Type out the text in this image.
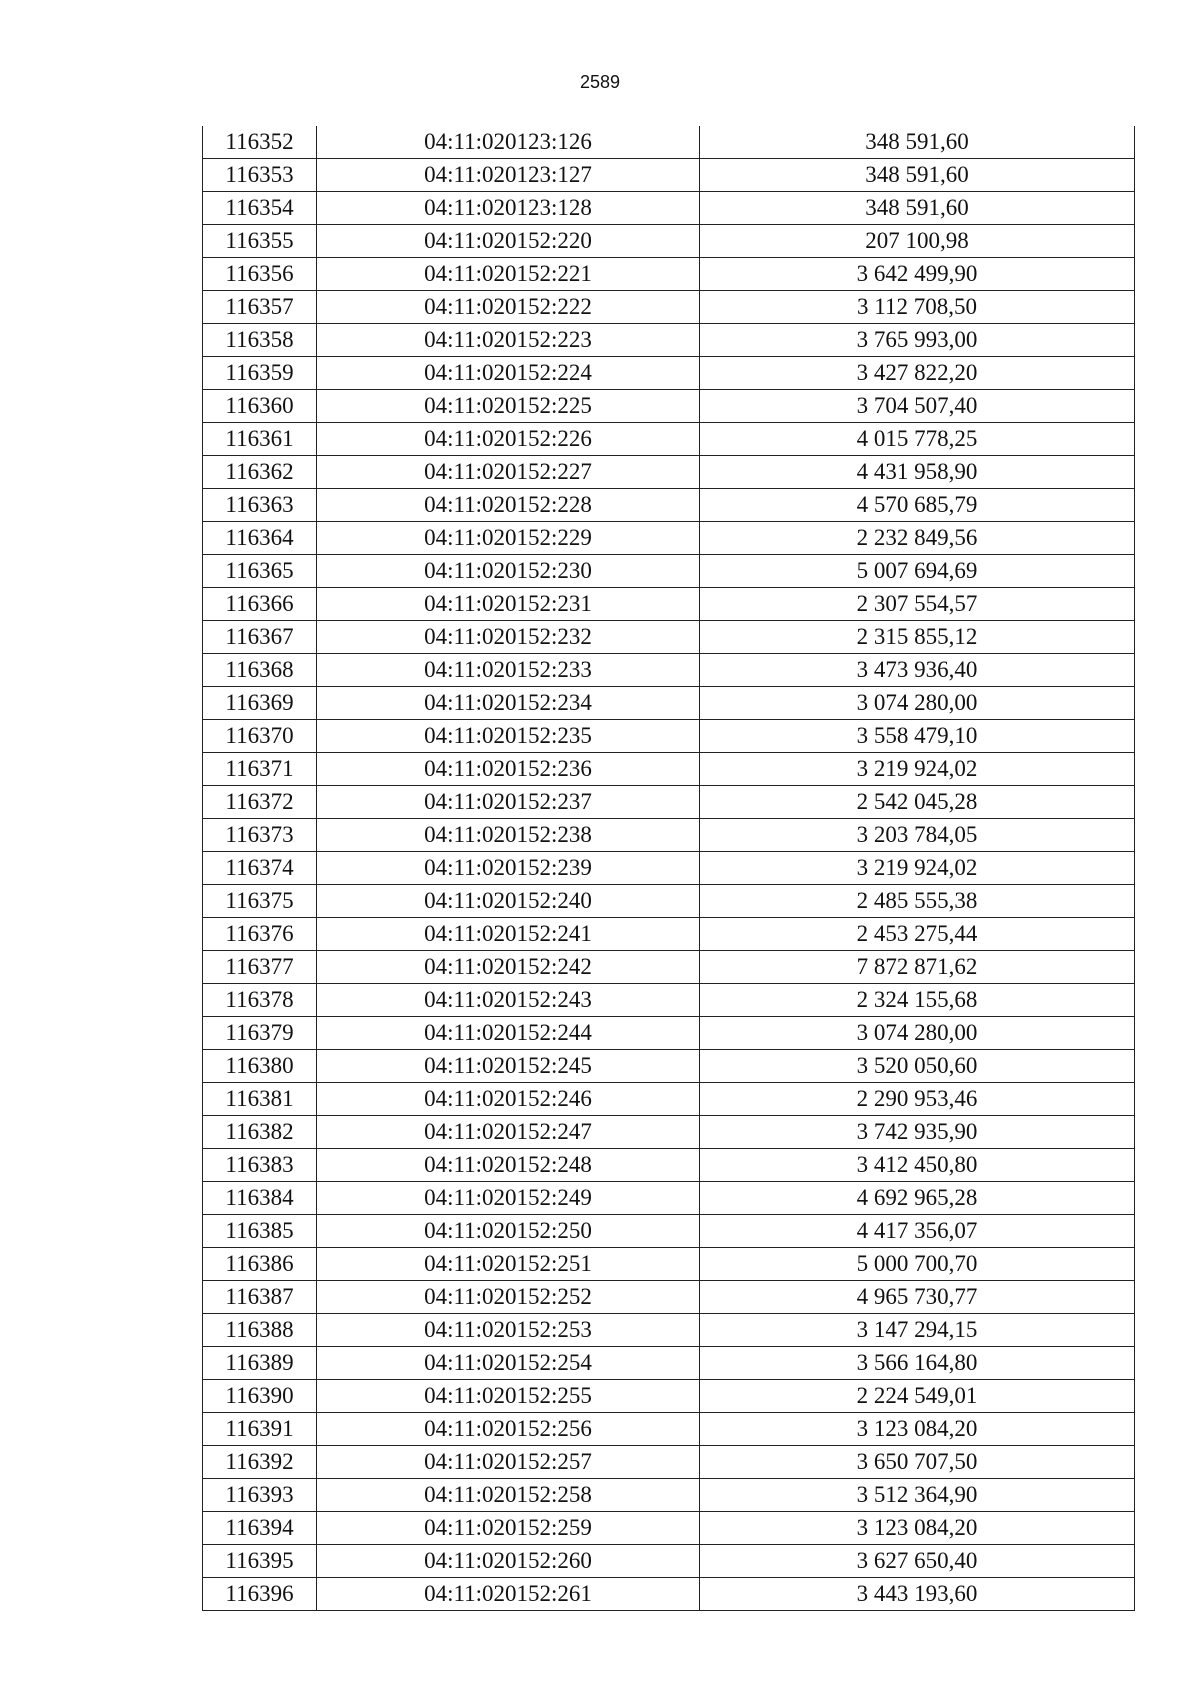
2589
116352	04:11:020123:126	348 591,60
116353	04:11:020123:127	348 591,60
116354	04:11:020123:128	348 591,60
116355	04:11:020152:220	207 100,98
116356	04:11:020152:221	3 642 499,90
116357	04:11:020152:222	3 112 708,50
116358	04:11:020152:223	3 765 993,00
116359	04:11:020152:224	3 427 822,20
116360	04:11:020152:225	3 704 507,40
116361	04:11:020152:226	4 015 778,25
116362	04:11:020152:227	4 431 958,90
116363	04:11:020152:228	4 570 685,79
116364	04:11:020152:229	2 232 849,56
116365	04:11:020152:230	5 007 694,69
116366	04:11:020152:231	2 307 554,57
116367	04:11:020152:232	2 315 855,12
116368	04:11:020152:233	3 473 936,40
116369	04:11:020152:234	3 074 280,00
116370	04:11:020152:235	3 558 479,10
116371	04:11:020152:236	3 219 924,02
116372	04:11:020152:237	2 542 045,28
116373	04:11:020152:238	3 203 784,05
116374	04:11:020152:239	3 219 924,02
116375	04:11:020152:240	2 485 555,38
116376	04:11:020152:241	2 453 275,44
116377	04:11:020152:242	7 872 871,62
116378	04:11:020152:243	2 324 155,68
116379	04:11:020152:244	3 074 280,00
116380	04:11:020152:245	3 520 050,60
116381	04:11:020152:246	2 290 953,46
116382	04:11:020152:247	3 742 935,90
116383	04:11:020152:248	3 412 450,80
116384	04:11:020152:249	4 692 965,28
116385	04:11:020152:250	4 417 356,07
116386	04:11:020152:251	5 000 700,70
116387	04:11:020152:252	4 965 730,77
116388	04:11:020152:253	3 147 294,15
116389	04:11:020152:254	3 566 164,80
116390	04:11:020152:255	2 224 549,01
116391	04:11:020152:256	3 123 084,20
116392	04:11:020152:257	3 650 707,50
116393	04:11:020152:258	3 512 364,90
116394	04:11:020152:259	3 123 084,20
116395	04:11:020152:260	3 627 650,40
116396	04:11:020152:261	3 443 193,60
